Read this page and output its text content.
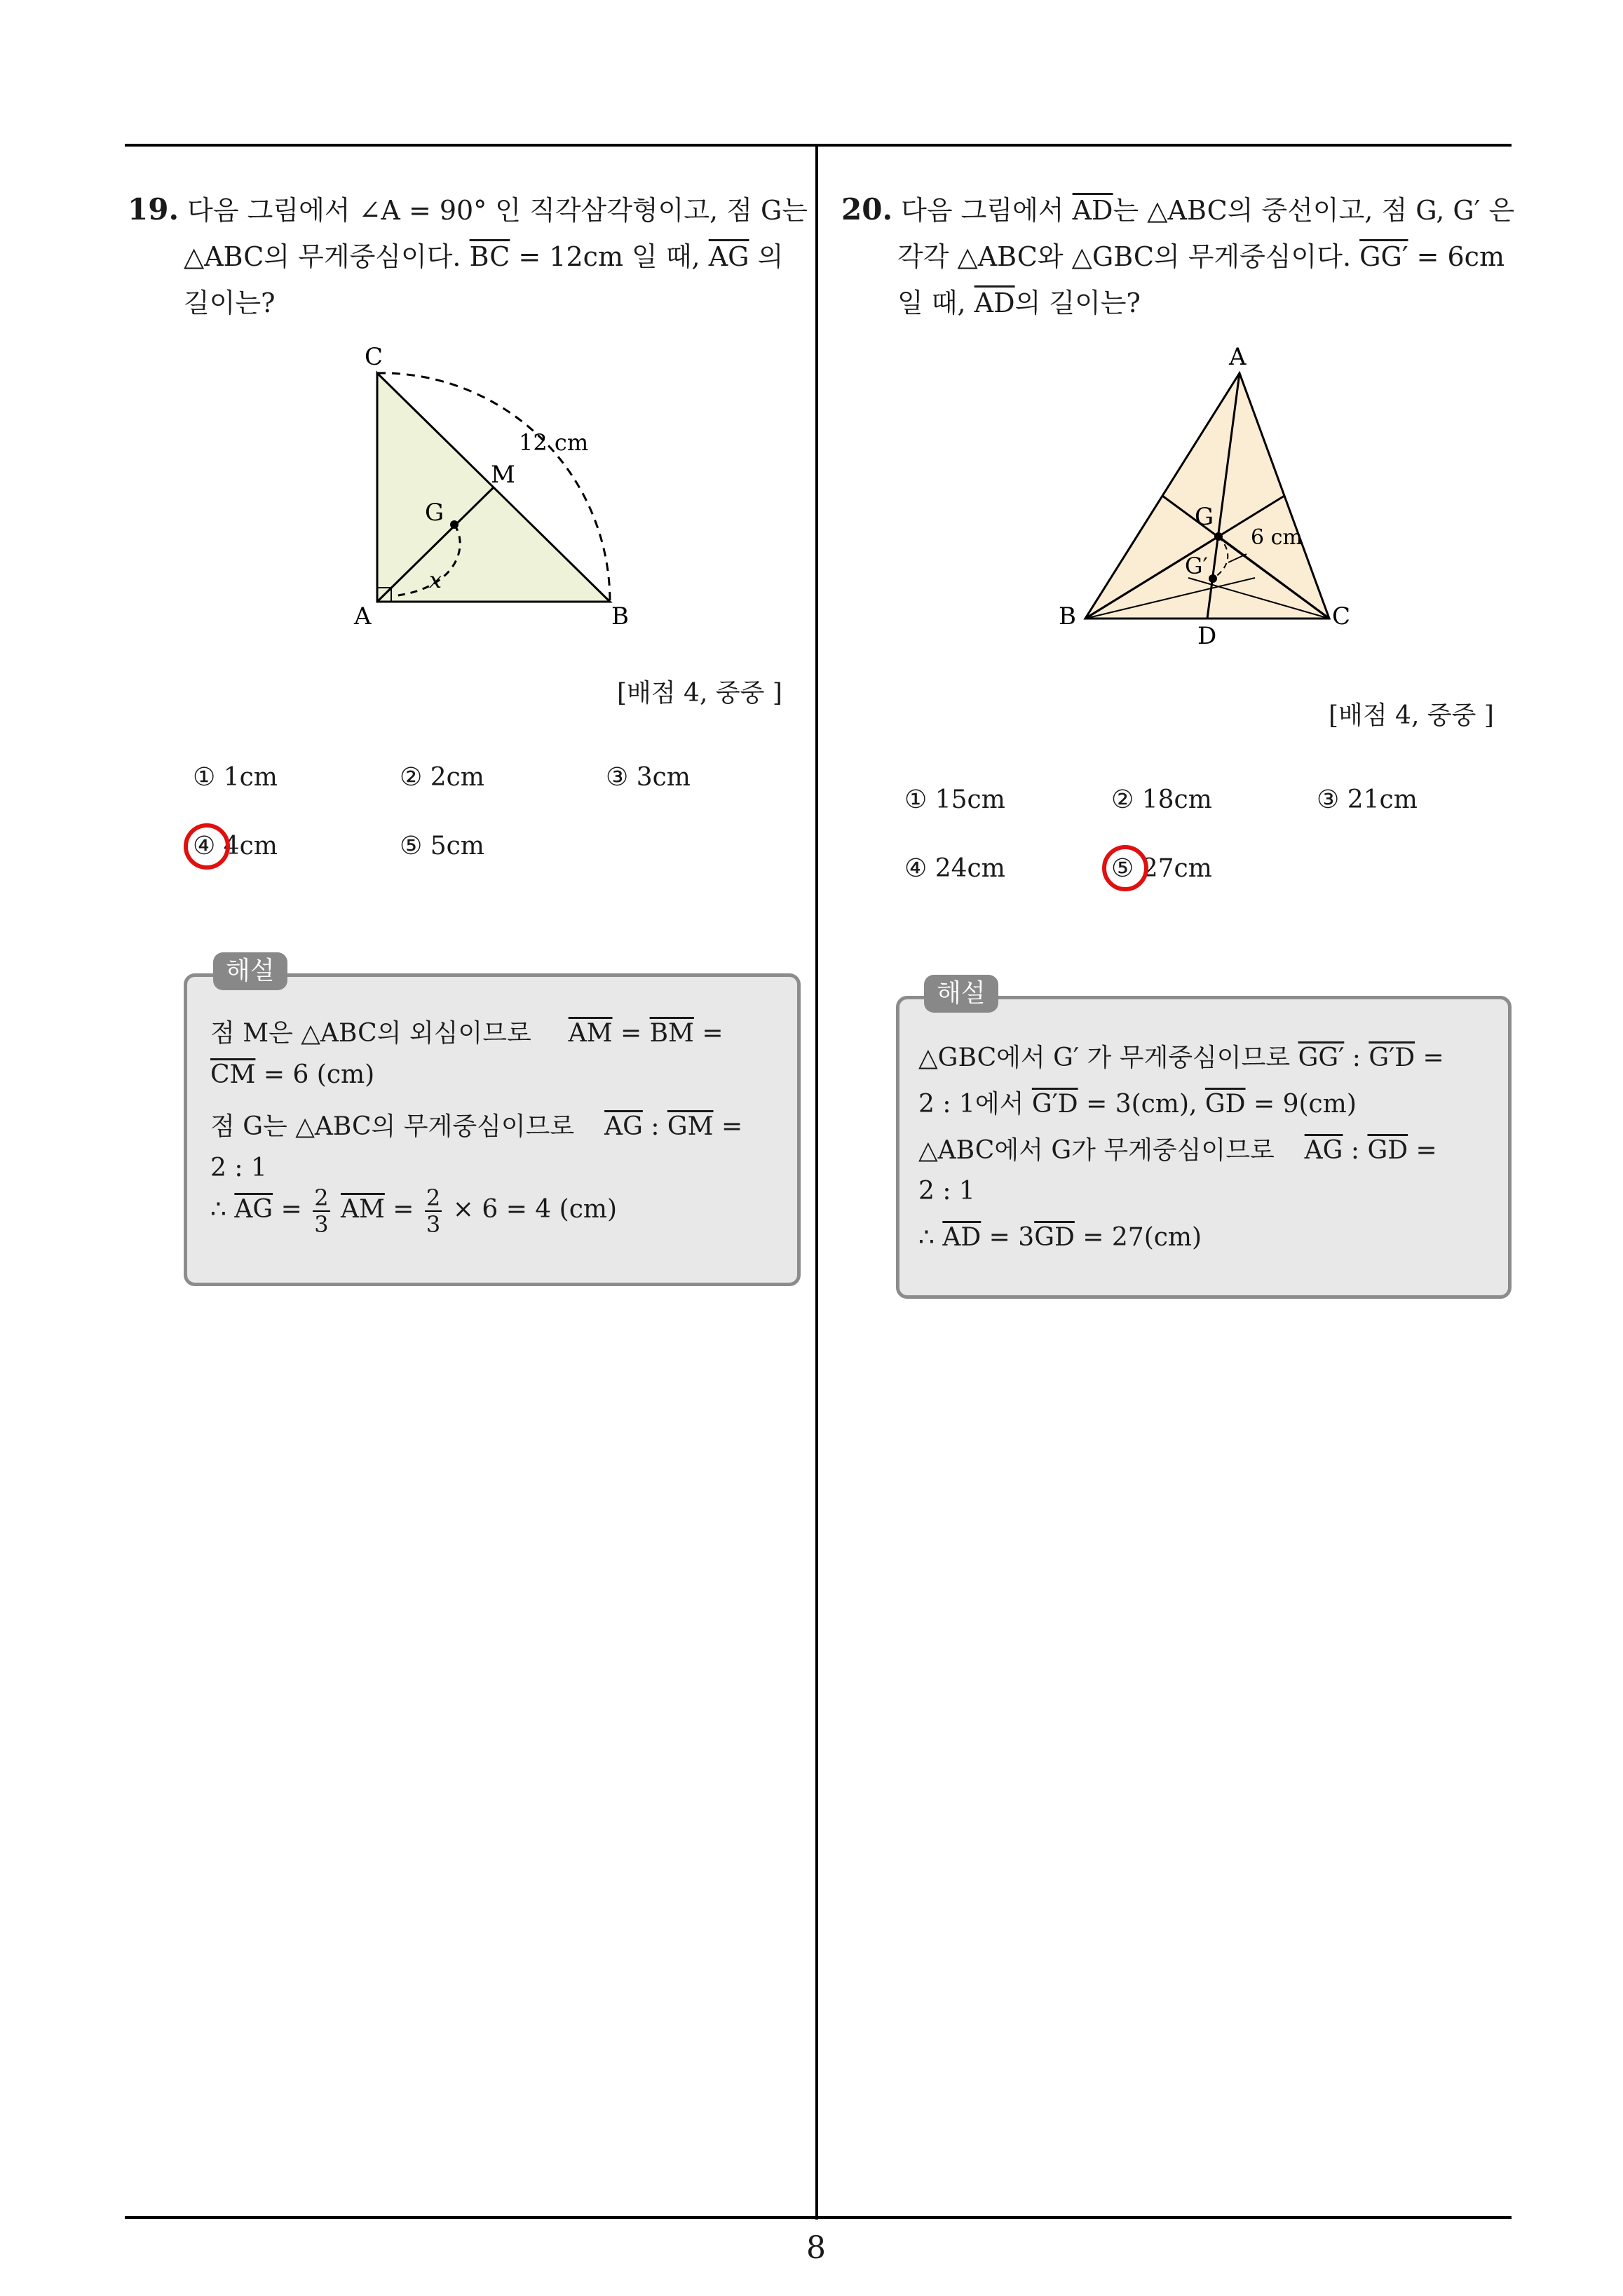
8
19. 다음 그림에서 ∠A = 90° 인 직각삼각형이고, 점 G는
△ABC의 무게중심이다. $\overline{BC} = 12cm$ 일 때, $\overline{AG}$ 의
길이는?
C
A	B
M
G
x
12 cm
[배점 4, 중중 ]
① 1cm	② 2cm	③ 3cm
④ 4cm	⑤ 5cm
해설
점 M은 △ABC의 외심이므로 $\overline{AM} = \overline{BM}$ =
$\overline{CM} = 6$ (cm)
점 G는 △ABC의 무게중심이므로 $\overline{AG}$ : $\overline{GM}$ =
2 : 1
∴ $\overline{AG} = \frac{2}{3} \overline{AM} = \frac{2}{3} \times 6 = 4$ (cm)
20. 다음 그림에서 $\overline{AD}$는 △ABC의 중선이고, 점 G, G′ 은
각각 △ABC와 △GBC의 무게중심이다. GG′ = 6cm
일 때, $\overline{AD}$의 길이는?
A
B	C
D
G
G′
6 cm
[배점 4, 중중 ]
① 15cm	② 18cm	③ 21cm
④ 24cm	⑤ 27cm
해설
△GBC에서 G′ 가 무게중심이므로 GG′ : G′D =
2 : 1에서 G′D = 3(cm), $\overline{GD} = 9(cm)$
△ABC에서 G가 무게중심이므로 $\overline{AG}$ : $\overline{GD}$ =
2 : 1
∴ $\overline{AD} = 3\overline{GD} = 27(cm)$
